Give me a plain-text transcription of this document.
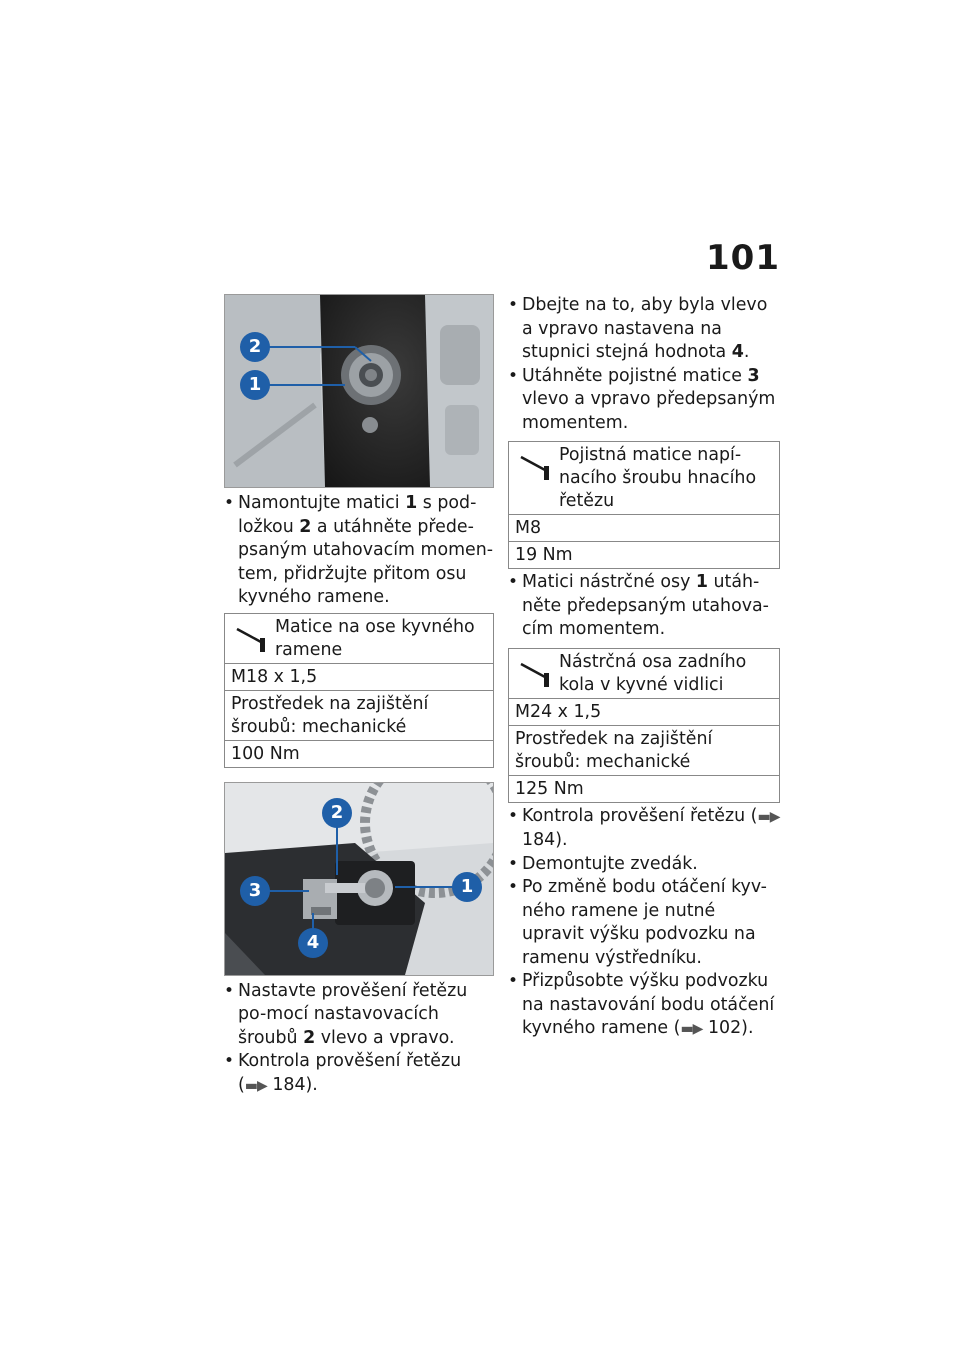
101
2
1
• Namontujte matici 1 s pod-ložkou 2 a utáhněte přede-psaným utahovacím momen-tem, přidržujte přitom osu kyvného ramene.
Matice na ose kyvného ramene
M18 x 1,5
Prostředek na zajištění šroubů: mechanické
100 Nm
2
1
3
4
• Nastavte prověšení řetězu po-mocí nastavovacích šroubů 2 vlevo a vpravo.
• Kontrola prověšení řetězu (▬▶ 184).
• Dbejte na to, aby byla vlevo a vpravo nastavena na stupnici stejná hodnota 4.
• Utáhněte pojistné matice 3 vlevo a vpravo předepsaným momentem.
Pojistná matice napí-nacího šroubu hnacího řetězu
M8
19 Nm
• Matici nástrčné osy 1 utáh-něte předepsaným utahova-cím momentem.
Nástrčná osa zadního kola v kyvné vidlici
M24 x 1,5
Prostředek na zajištění šroubů: mechanické
125 Nm
• Kontrola prověšení řetězu (▬▶ 184).
• Demontujte zvedák.
• Po změně bodu otáčení kyv-ného ramene je nutné upravit výšku podvozku na ramenu výstředníku.
• Přizpůsobte výšku podvozku na nastavování bodu otáčení kyvného ramene (▬▶ 102).
